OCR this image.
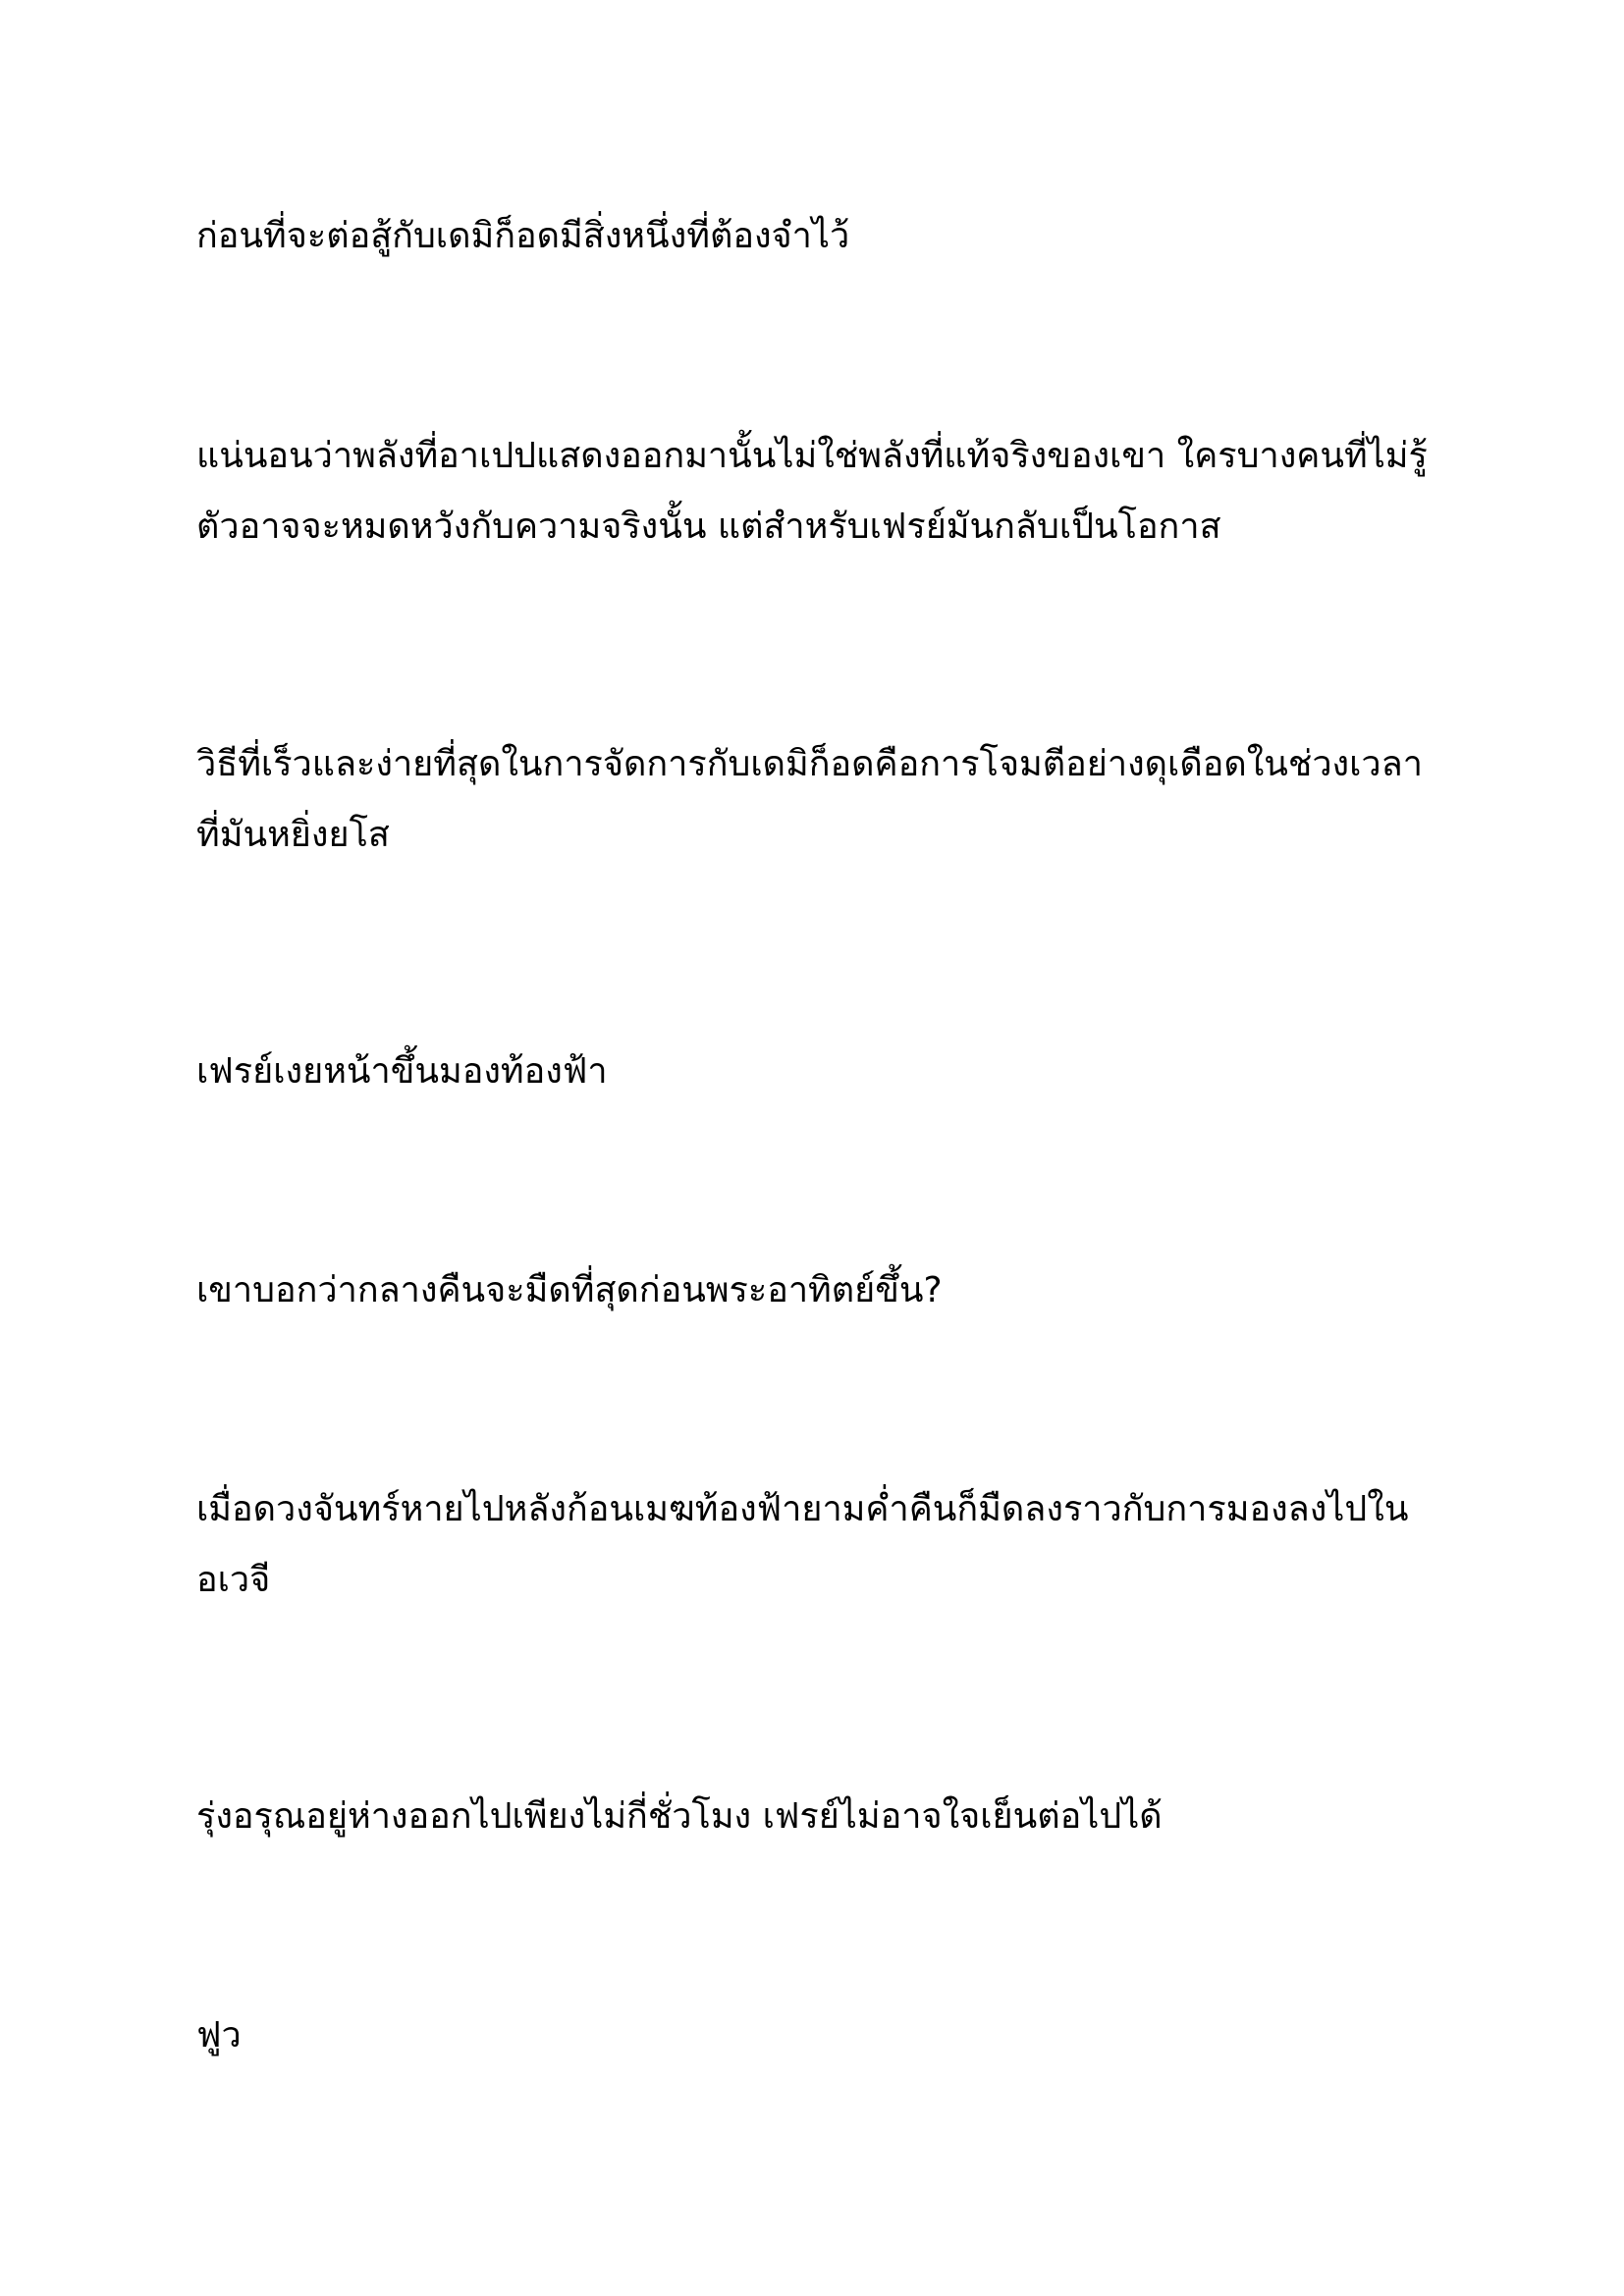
ก่อนที่จะต่อสู้กับเดมิก็อดมีสิ่งหนึ่งที่ต้องจำไว้

แน่นอนว่าพลังที่อาเปปแสดงออกมานั้นไม่ใช่พลังที่แท้จริงของเขา ใครบางคนที่ไม่รู้ตัวอาจจะหมดหวังกับความจริงนั้น แต่สำหรับเฟรย์มันกลับเป็นโอกาส

วิธีที่เร็วและง่ายที่สุดในการจัดการกับเดมิก็อดคือการโจมตีอย่างดุเดือดในช่วงเวลาที่มันหยิ่งยโส

เฟรย์เงยหน้าขึ้นมองท้องฟ้า

เขาบอกว่ากลางคืนจะมืดที่สุดก่อนพระอาทิตย์ขึ้น?

เมื่อดวงจันทร์หายไปหลังก้อนเมฆท้องฟ้ายามค่ำคืนก็มืดลงราวกับการมองลงไปในอเวจี

รุ่งอรุณอยู่ห่างออกไปเพียงไม่กี่ชั่วโมง เฟรย์ไม่อาจใจเย็นต่อไปได้

ฟูว
